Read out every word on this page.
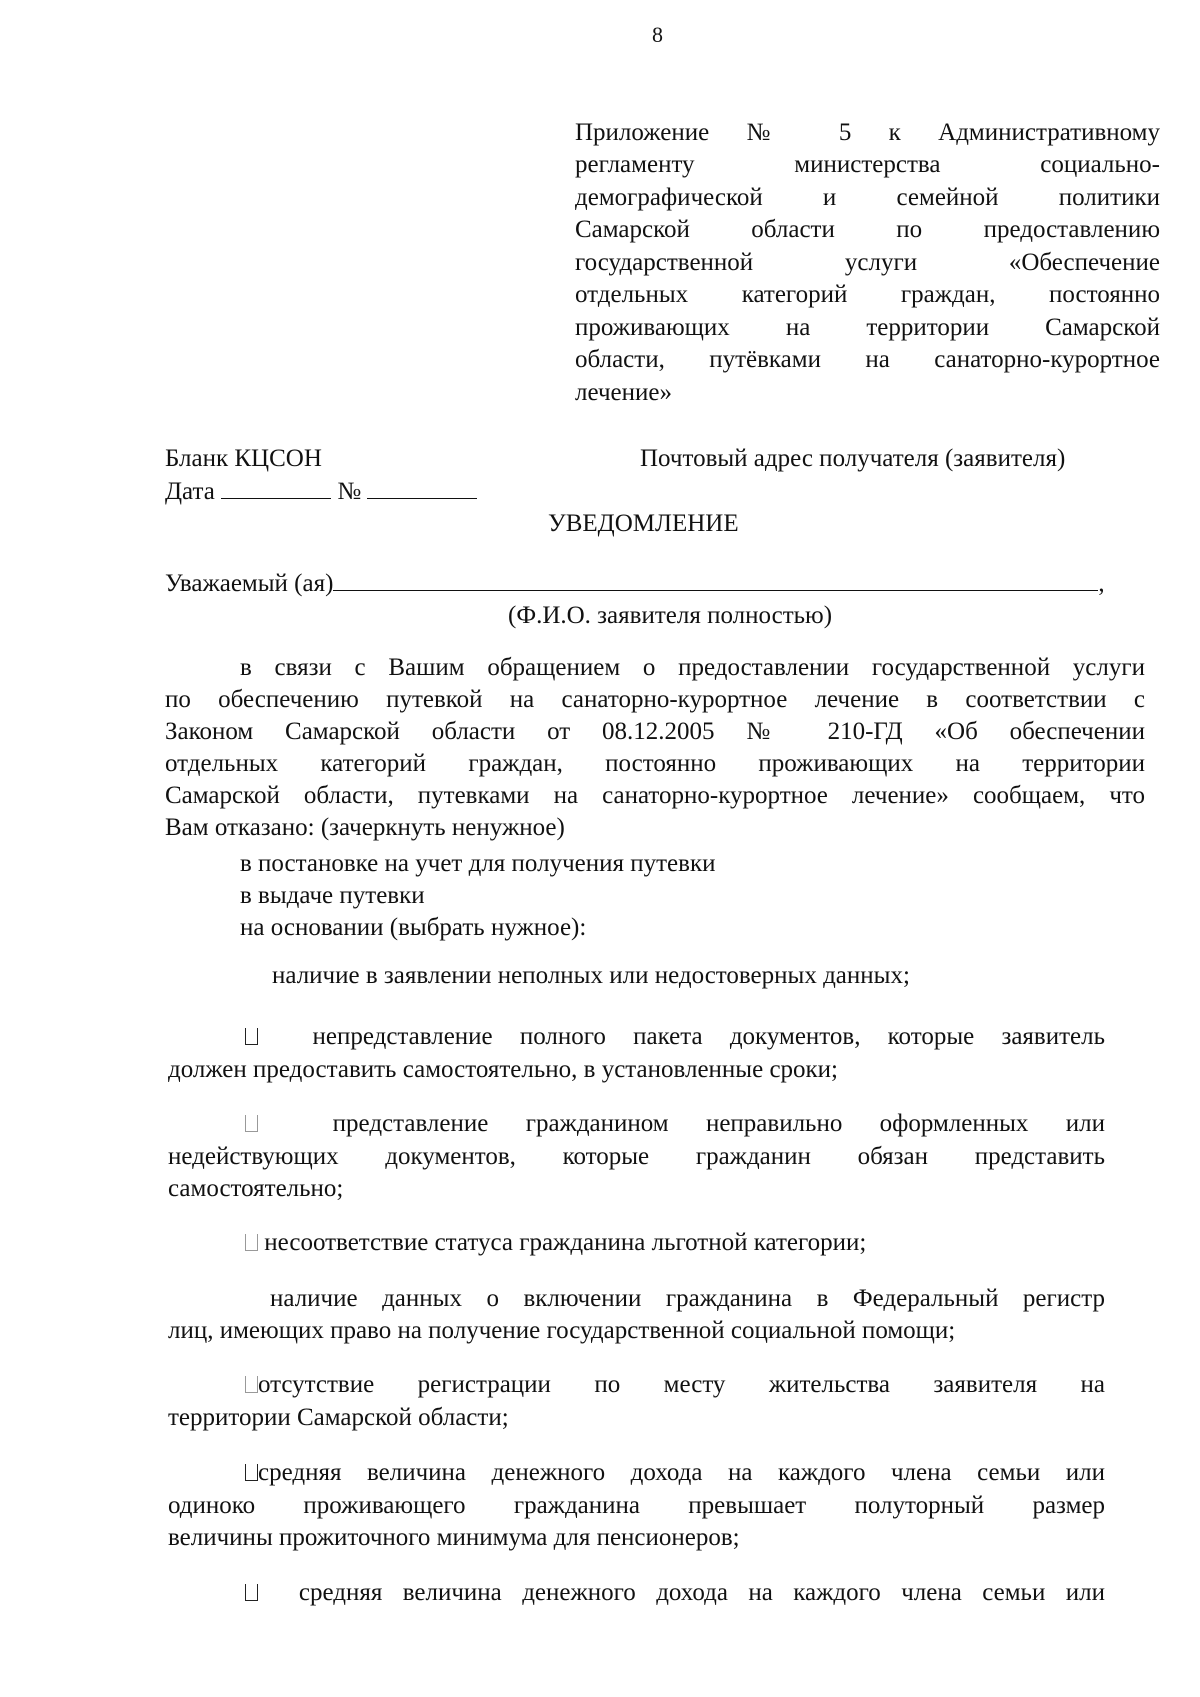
8
Приложение № 5 к Административному
регламенту министерства социально-
демографической и семейной политики
Самарской области по предоставлению
государственной услуги «Обеспечение
отдельных категорий граждан, постоянно
проживающих на территории Самарской
области, путёвками на санаторно-курортное
лечение»
Бланк КЦСОН	Почтовый адрес получателя (заявителя)
Дата	№
УВЕДОМЛЕНИЕ
Уважаемый (ая)	,
(Ф.И.О. заявителя полностью)
в связи с Вашим обращением о предоставлении государственной услуги
по обеспечению путевкой на санаторно-курортное лечение в соответствии с
Законом Самарской области от 08.12.2005 № 210-ГД «Об обеспечении
отдельных категорий граждан, постоянно проживающих на территории
Самарской области, путевками на санаторно-курортное лечение» сообщаем, что
Вам отказано: (зачеркнуть ненужное)
в постановке на учет для получения путевки
в выдаче путевки
на основании (выбрать нужное):
наличие в заявлении неполных или недостоверных данных;
непредставление полного пакета документов, которые заявитель
должен предоставить самостоятельно, в установленные сроки;
представление гражданином неправильно оформленных или
недействующих документов, которые гражданин обязан представить
самостоятельно;
несоответствие статуса гражданина льготной категории;
наличие данных о включении гражданина в Федеральный регистр
лиц, имеющих право на получение государственной социальной помощи;
отсутствие регистрации по месту жительства заявителя на
территории Самарской области;
средняя величина денежного дохода на каждого члена семьи или
одиноко проживающего гражданина превышает полуторный размер
величины прожиточного минимума для пенсионеров;
средняя величина денежного дохода на каждого члена семьи или
